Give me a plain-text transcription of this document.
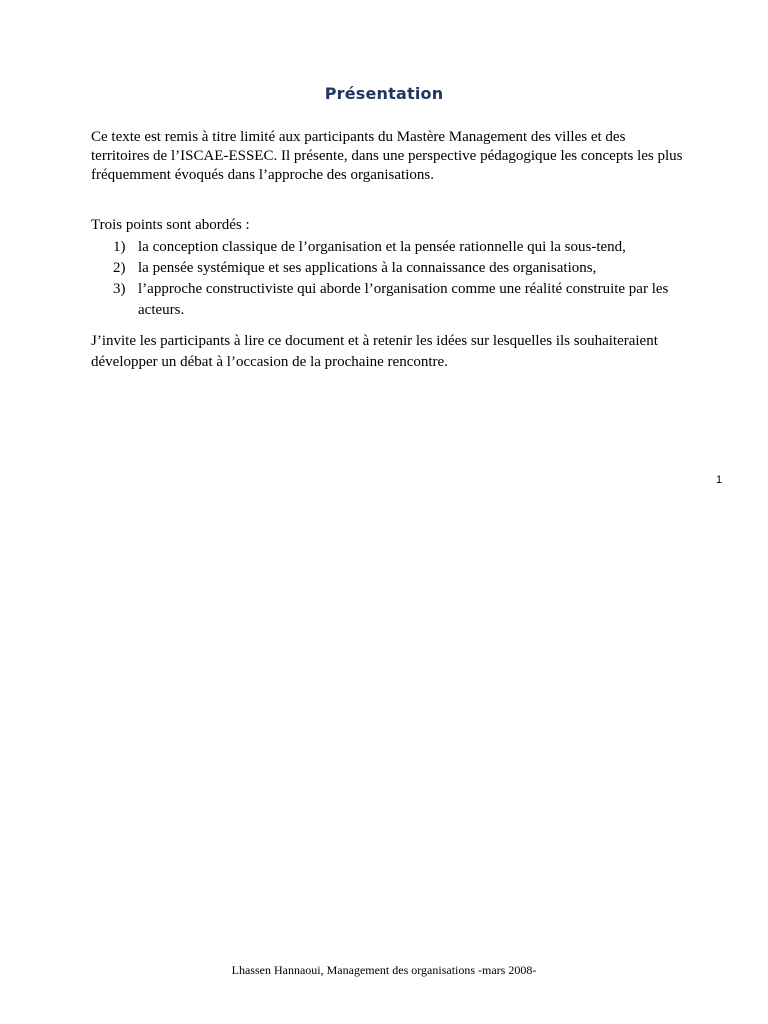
Présentation

Ce texte est remis à titre limité aux participants du Mastère Management des villes et des territoires de l’ISCAE-ESSEC. Il présente, dans une perspective pédagogique les concepts les plus fréquemment évoqués dans l’approche des organisations.

Trois points sont abordés :

1) la conception classique de l’organisation et la pensée rationnelle qui la sous-tend,
2) la pensée systémique et ses applications à la connaissance des organisations,
3) l’approche constructiviste qui aborde l’organisation comme une réalité construite par les acteurs.

J’invite les participants à lire ce document et à retenir les idées sur lesquelles ils souhaiteraient développer un débat à l’occasion de la prochaine rencontre.

1
Lhassen Hannaoui, Management des organisations -mars 2008-
